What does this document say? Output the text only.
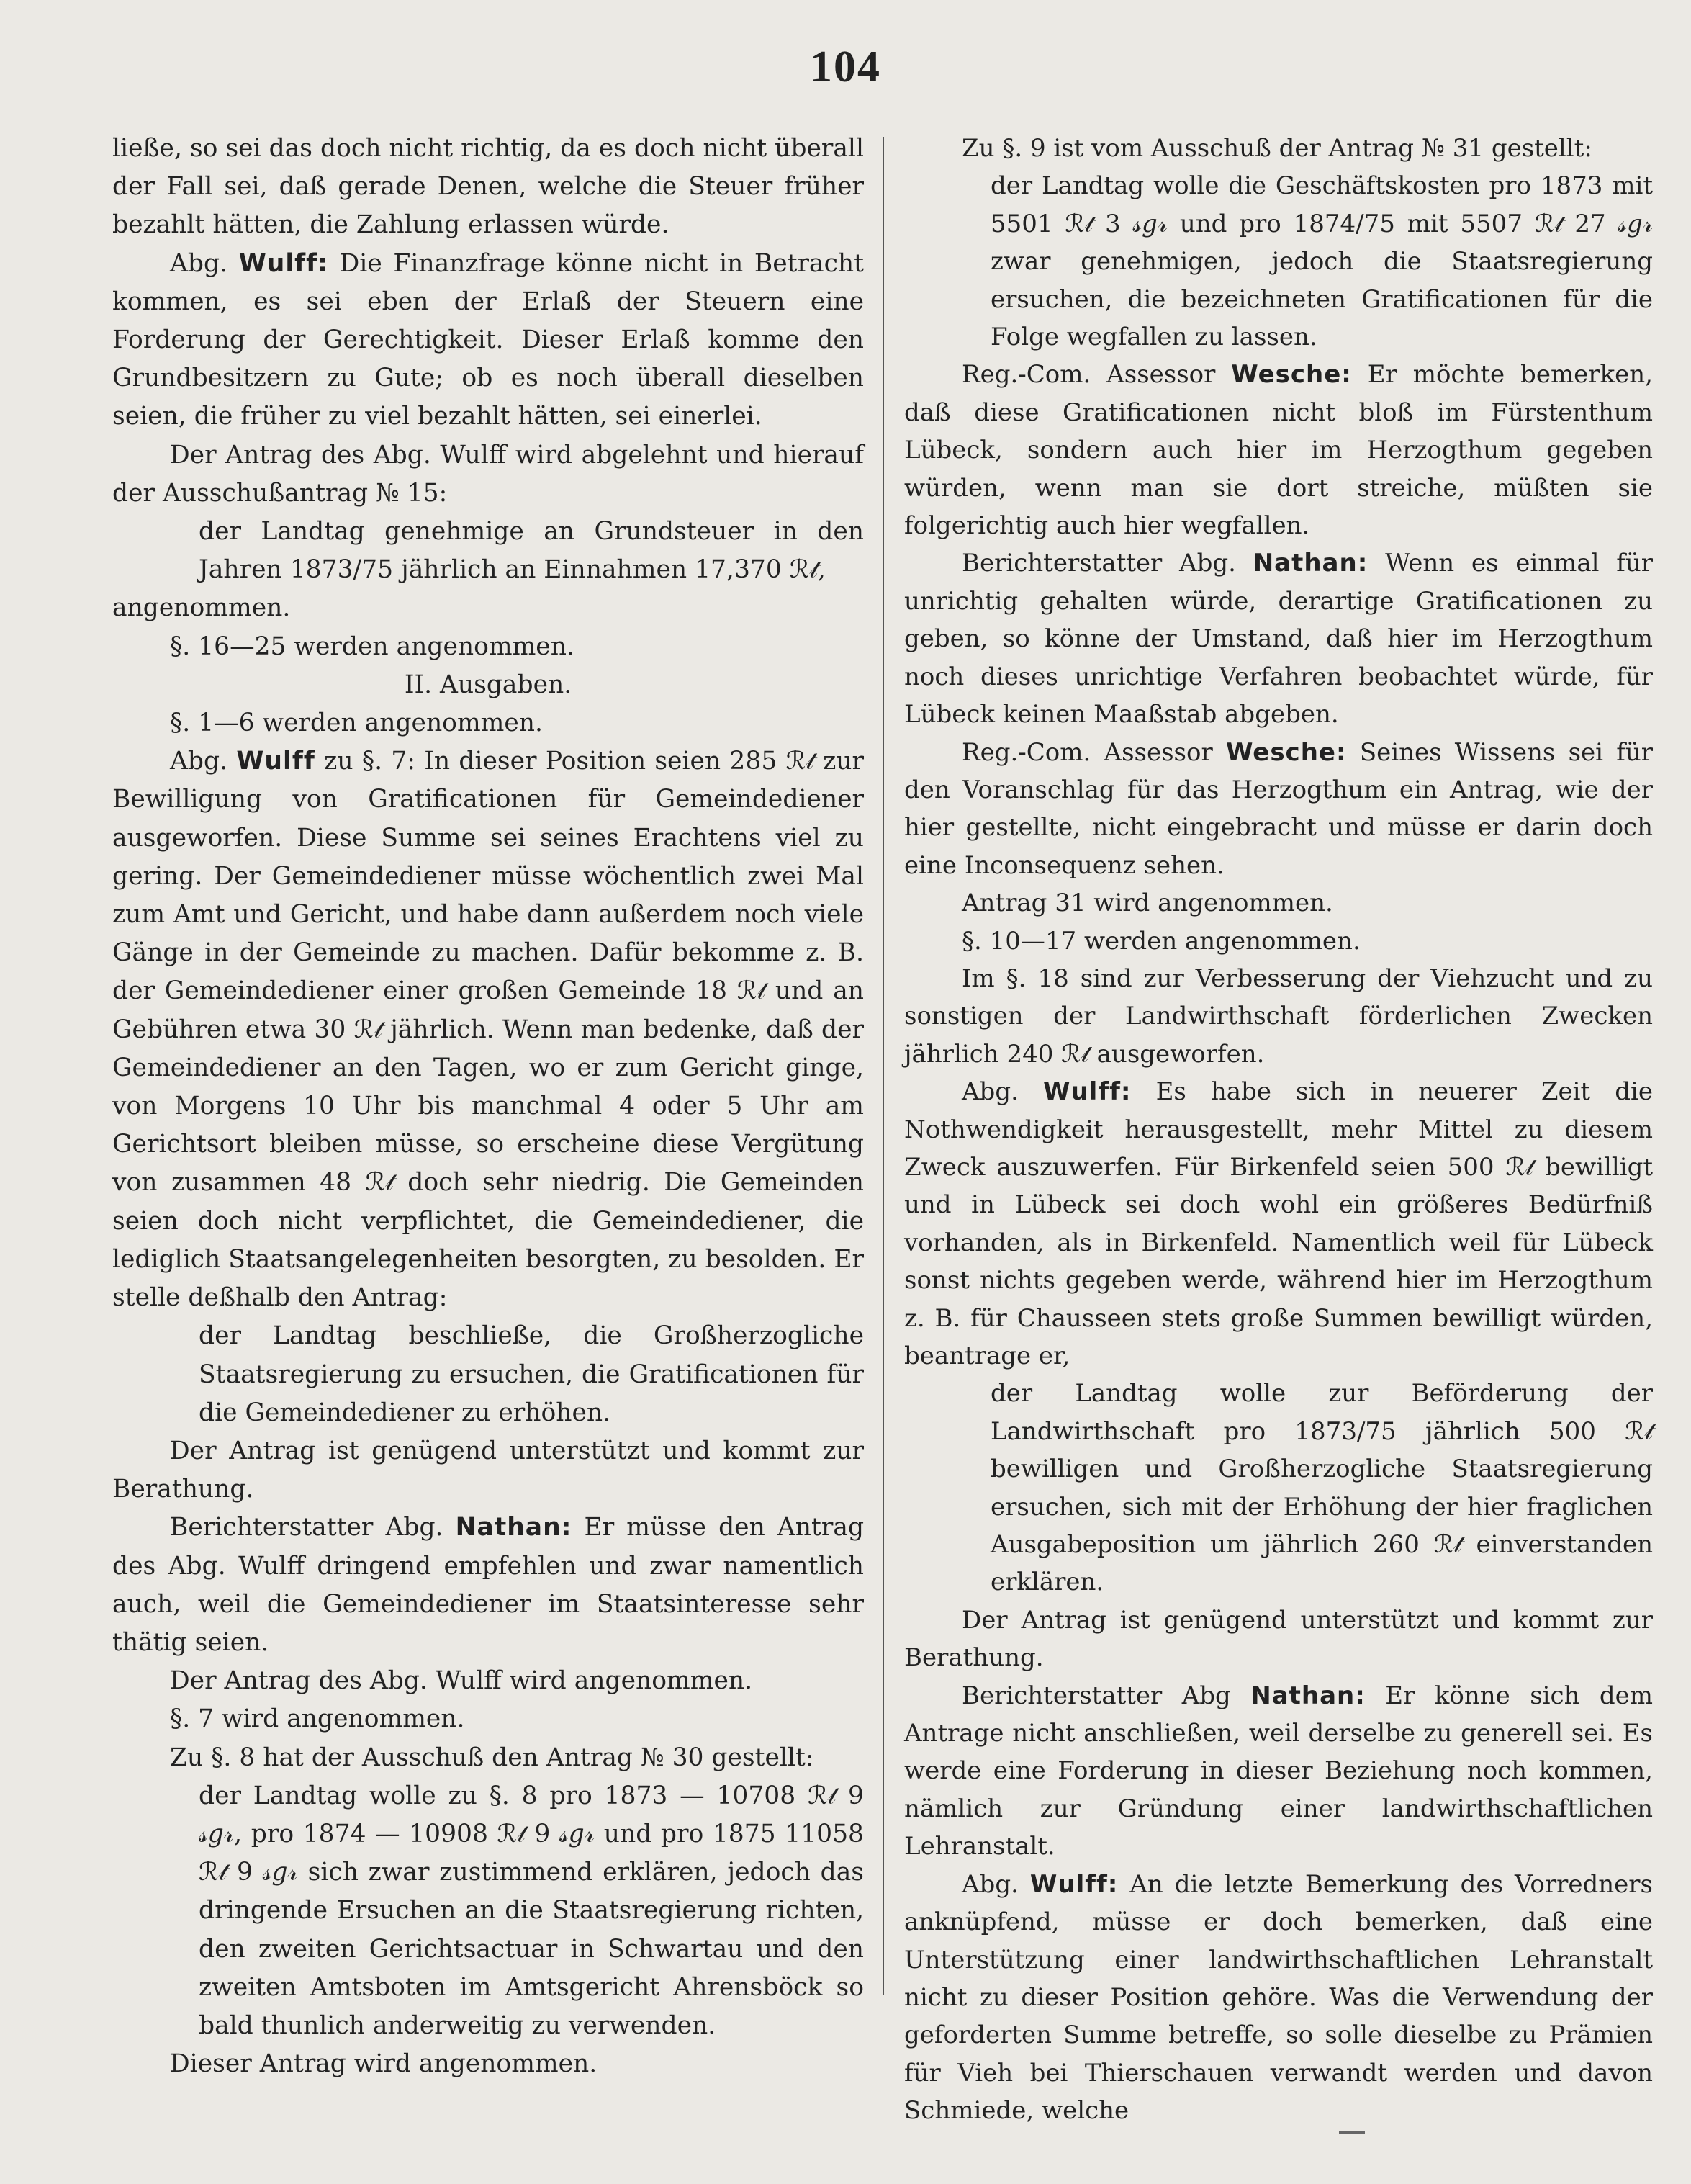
104

ließe, so sei das doch nicht richtig, da es doch nicht überall der Fall sei, daß gerade Denen, welche die Steuer früher bezahlt hätten, die Zahlung erlassen würde.

Abg. Wulff: Die Finanzfrage könne nicht in Betracht kommen, es sei eben der Erlaß der Steuern eine Forderung der Gerechtigkeit. Dieser Erlaß komme den Grundbesitzern zu Gute; ob es noch überall dieselben seien, die früher zu viel bezahlt hätten, sei einerlei.

Der Antrag des Abg. Wulff wird abgelehnt und hierauf der Ausschußantrag № 15:

der Landtag genehmige an Grundsteuer in den Jahren 1873/75 jährlich an Einnahmen 17,370 ℛ𝓉,

angenommen.

§. 16—25 werden angenommen.

II. Ausgaben.

§. 1—6 werden angenommen.

Abg. Wulff zu §. 7: In dieser Position seien 285 ℛ𝓉 zur Bewilligung von Gratificationen für Gemeindediener ausgeworfen. Diese Summe sei seines Erachtens viel zu gering. Der Gemeindediener müsse wöchentlich zwei Mal zum Amt und Gericht, und habe dann außerdem noch viele Gänge in der Gemeinde zu machen. Dafür bekomme z. B. der Gemeindediener einer großen Gemeinde 18 ℛ𝓉 und an Gebühren etwa 30 ℛ𝓉 jährlich. Wenn man bedenke, daß der Gemeindediener an den Tagen, wo er zum Gericht ginge, von Morgens 10 Uhr bis manchmal 4 oder 5 Uhr am Gerichtsort bleiben müsse, so erscheine diese Vergütung von zusammen 48 ℛ𝓉 doch sehr niedrig. Die Gemeinden seien doch nicht verpflichtet, die Gemeindediener, die lediglich Staatsangelegenheiten besorgten, zu besolden. Er stelle deßhalb den Antrag:

der Landtag beschließe, die Großherzogliche Staatsregierung zu ersuchen, die Gratificationen für die Gemeindediener zu erhöhen.

Der Antrag ist genügend unterstützt und kommt zur Berathung.

Berichterstatter Abg. Nathan: Er müsse den Antrag des Abg. Wulff dringend empfehlen und zwar namentlich auch, weil die Gemeindediener im Staatsinteresse sehr thätig seien.

Der Antrag des Abg. Wulff wird angenommen.

§. 7 wird angenommen.

Zu §. 8 hat der Ausschuß den Antrag № 30 gestellt:

der Landtag wolle zu §. 8 pro 1873 — 10708 ℛ𝓉 9 𝓈𝑔𝓇, pro 1874 — 10908 ℛ𝓉 9 𝓈𝑔𝓇 und pro 1875 11058 ℛ𝓉 9 𝓈𝑔𝓇 sich zwar zustimmend erklären, jedoch das dringende Ersuchen an die Staatsregierung richten, den zweiten Gerichtsactuar in Schwartau und den zweiten Amtsboten im Amtsgericht Ahrensböck so bald thunlich anderweitig zu verwenden.

Dieser Antrag wird angenommen.

Zu §. 9 ist vom Ausschuß der Antrag № 31 gestellt:

der Landtag wolle die Geschäftskosten pro 1873 mit 5501 ℛ𝓉 3 𝓈𝑔𝓇 und pro 1874/75 mit 5507 ℛ𝓉 27 𝓈𝑔𝓇 zwar genehmigen, jedoch die Staatsregierung ersuchen, die bezeichneten Gratificationen für die Folge wegfallen zu lassen.

Reg.-Com. Assessor Wesche: Er möchte bemerken, daß diese Gratificationen nicht bloß im Fürstenthum Lübeck, sondern auch hier im Herzogthum gegeben würden, wenn man sie dort streiche, müßten sie folgerichtig auch hier wegfallen.

Berichterstatter Abg. Nathan: Wenn es einmal für unrichtig gehalten würde, derartige Gratificationen zu geben, so könne der Umstand, daß hier im Herzogthum noch dieses unrichtige Verfahren beobachtet würde, für Lübeck keinen Maaßstab abgeben.

Reg.-Com. Assessor Wesche: Seines Wissens sei für den Voranschlag für das Herzogthum ein Antrag, wie der hier gestellte, nicht eingebracht und müsse er darin doch eine Inconsequenz sehen.

Antrag 31 wird angenommen.

§. 10—17 werden angenommen.

Im §. 18 sind zur Verbesserung der Viehzucht und zu sonstigen der Landwirthschaft förderlichen Zwecken jährlich 240 ℛ𝓉 ausgeworfen.

Abg. Wulff: Es habe sich in neuerer Zeit die Nothwendigkeit herausgestellt, mehr Mittel zu diesem Zweck auszuwerfen. Für Birkenfeld seien 500 ℛ𝓉 bewilligt und in Lübeck sei doch wohl ein größeres Bedürfniß vorhanden, als in Birkenfeld. Namentlich weil für Lübeck sonst nichts gegeben werde, während hier im Herzogthum z. B. für Chausseen stets große Summen bewilligt würden, beantrage er,

der Landtag wolle zur Beförderung der Landwirthschaft pro 1873/75 jährlich 500 ℛ𝓉 bewilligen und Großherzogliche Staatsregierung ersuchen, sich mit der Erhöhung der hier fraglichen Ausgabeposition um jährlich 260 ℛ𝓉 einverstanden erklären.

Der Antrag ist genügend unterstützt und kommt zur Berathung.

Berichterstatter Abg Nathan: Er könne sich dem Antrage nicht anschließen, weil derselbe zu generell sei. Es werde eine Forderung in dieser Beziehung noch kommen, nämlich zur Gründung einer landwirthschaftlichen Lehranstalt.

Abg. Wulff: An die letzte Bemerkung des Vorredners anknüpfend, müsse er doch bemerken, daß eine Unterstützung einer landwirthschaftlichen Lehranstalt nicht zu dieser Position gehöre. Was die Verwendung der geforderten Summe betreffe, so solle dieselbe zu Prämien für Vieh bei Thierschauen verwandt werden und davon Schmiede, welche
